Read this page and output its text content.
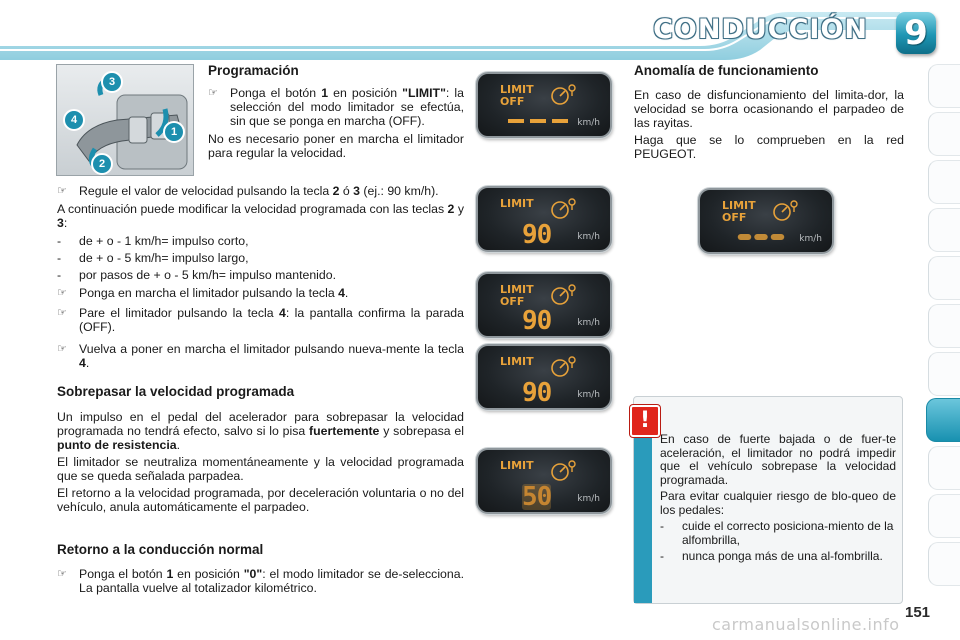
CONDUCCIÓN 9
3
4
1
2
Programación
☞ Ponga el botón 1 en posición "LIMIT": la selección del modo limitador se efectúa, sin que se ponga en marcha (OFF).
No es necesario poner en marcha el limitador para regular la velocidad.
☞ Regule el valor de velocidad pulsando la tecla 2 ó 3 (ej.: 90 km/h).
A continuación puede modificar la velocidad programada con las teclas 2 y 3:
- de + o - 1 km/h= impulso corto,
- de + o - 5 km/h= impulso largo,
- por pasos de + o - 5 km/h= impulso mantenido.
☞ Ponga en marcha el limitador pulsando la tecla 4.
☞ Pare el limitador pulsando la tecla 4: la pantalla confirma la parada (OFF).
☞ Vuelva a poner en marcha el limitador pulsando nueva-mente la tecla 4.
Sobrepasar la velocidad programada
Un impulso en el pedal del acelerador para sobrepasar la velocidad programada no tendrá efecto, salvo si lo pisa fuertemente y sobrepasa el punto de resistencia.
El limitador se neutraliza momentáneamente y la velocidad programada que se queda señalada parpadea.
El retorno a la velocidad programada, por deceleración voluntaria o no del vehículo, anula automáticamente el parpadeo.
Retorno a la conducción normal
☞ Ponga el botón 1 en posición "0": el modo limitador se de-selecciona. La pantalla vuelve al totalizador kilométrico.
LIMIT
OFF
km/h
LIMIT
90	km/h
LIMIT
OFF
90	km/h
LIMIT
90	km/h
LIMIT
50	km/h
Anomalía de funcionamiento
En caso de disfuncionamiento del limita-dor, la velocidad se borra ocasionando el parpadeo de las rayitas.
Haga que se lo comprueben en la red PEUGEOT.
LIMIT
OFF
km/h
!
En caso de fuerte bajada o de fuer-te aceleración, el limitador no podrá impedir que el vehículo sobrepase la velocidad programada.
Para evitar cualquier riesgo de blo-queo de los pedales:
- cuide el correcto posiciona-miento de la alfombrilla,
- nunca ponga más de una al-fombrilla.
carmanualsonline.info
151
